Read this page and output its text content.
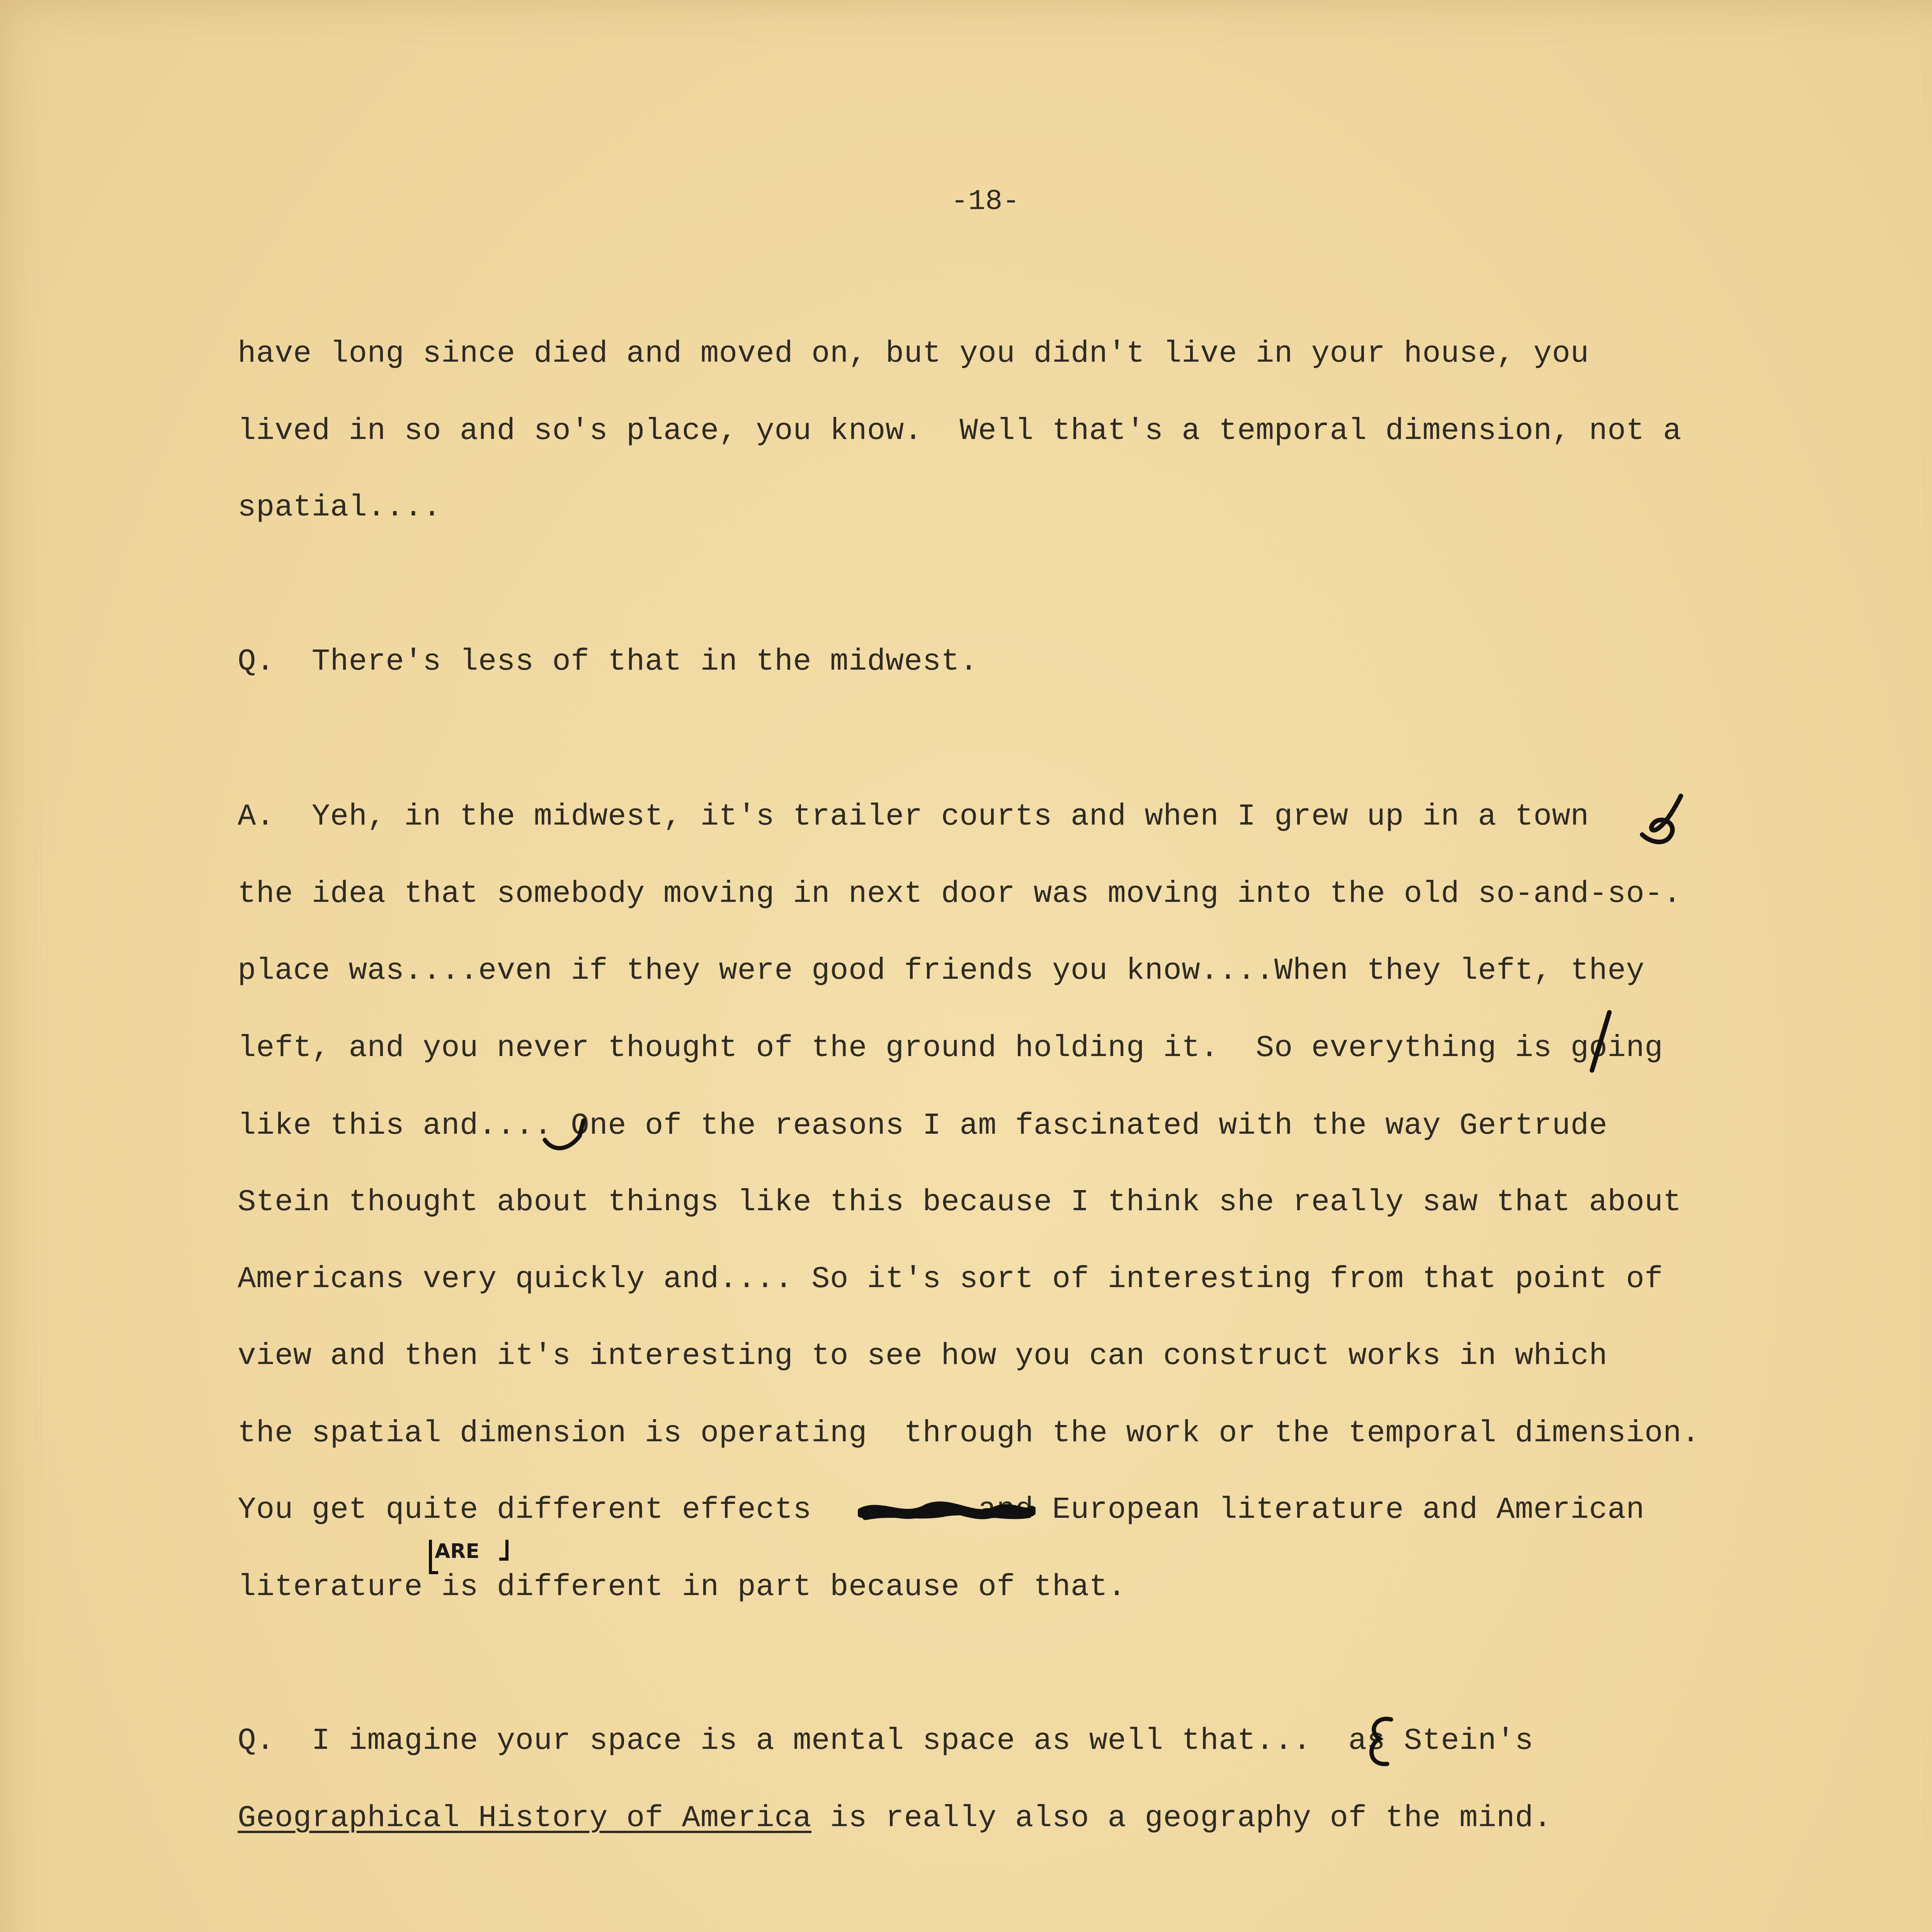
-18-
have long since died and moved on, but you didn't live in your house, you
lived in so and so's place, you know.  Well that's a temporal dimension, not a
spatial....
Q.  There's less of that in the midwest.
A.  Yeh, in the midwest, it's trailer courts and when I grew up in a town
the idea that somebody moving in next door was moving into the old so-and-so-.
place was....even if they were good friends you know....When they left, they
left, and you never thought of the ground holding it.  So everything is going
like this and.... One of the reasons I am fascinated with the way Gertrude
Stein thought about things like this because I think she really saw that about
Americans very quickly and.... So it's sort of interesting from that point of
view and then it's interesting to see how you can construct works in which
the spatial dimension is operating  through the work or the temporal dimension.
You get quite different effects         and European literature and American
literature is different in part because of that.
Q.  I imagine your space is a mental space as well that...  as Stein's
Geographical History of America is really also a geography of the mind.
ARE
